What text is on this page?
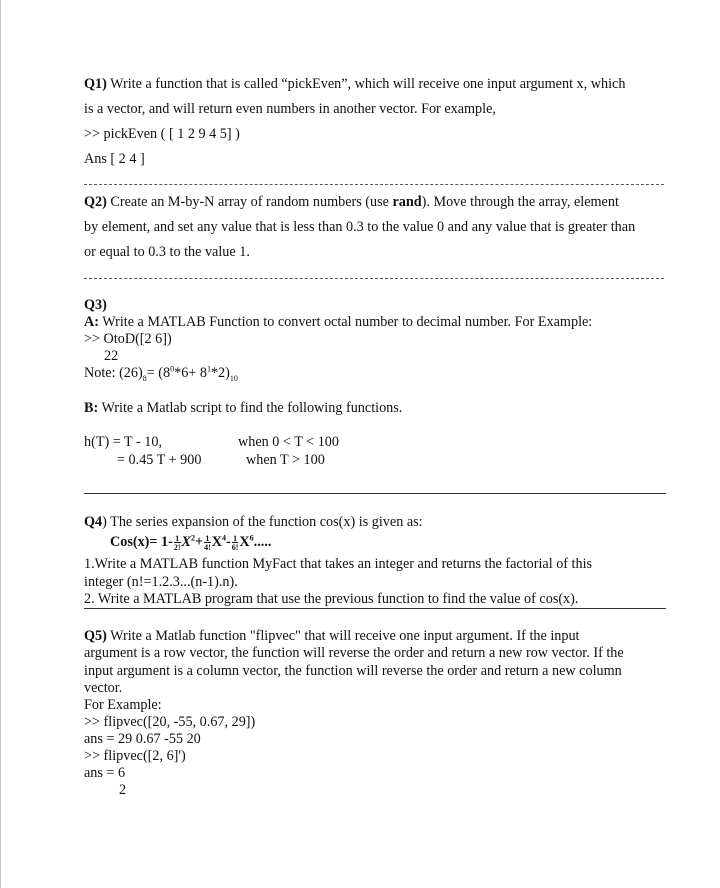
Q1) Write a function that is called “pickEven”, which will receive one input argument x, which
is a vector, and will return even numbers in another vector. For example,
>> pickEven ( [ 1 2 9 4 5] )
Ans [ 2 4 ]
Q2) Create an M-by-N array of random numbers (use rand). Move through the array, element
by element, and set any value that is less than 0.3 to the value 0 and any value that is greater than
or equal to 0.3 to the value 1.
Q3)
A: Write a MATLAB Function to convert octal number to decimal number. For Example:
>> OtoD([2 6])
22
Note: $(26)_8= (8^0*6+ 8^1*2)_{10}$
B: Write a Matlab script to find the following functions.
h(T) = T - 10,	when 0 < T < 100
= 0.45 T + 900	when T > 100
Q4) The series expansion of the function cos(x) is given as:
$Cos(x)= 1- \frac{1}{2!} X^2+ \frac{1}{4!} X^4- \frac{1}{6!} X^6$.....
1.Write a MATLAB function MyFact that takes an integer and returns the factorial of this
integer (n!=1.2.3...(n-1).n).
2. Write a MATLAB program that use the previous function to find the value of cos(x).
Q5) Write a Matlab function "flipvec" that will receive one input argument. If the input
argument is a row vector, the function will reverse the order and return a new row vector. If the
input argument is a column vector, the function will reverse the order and return a new column
vector.
For Example:
>> flipvec([20, -55, 0.67, 29])
ans = 29 0.67 -55 20
>> flipvec([2, 6]')
ans = 6
2
